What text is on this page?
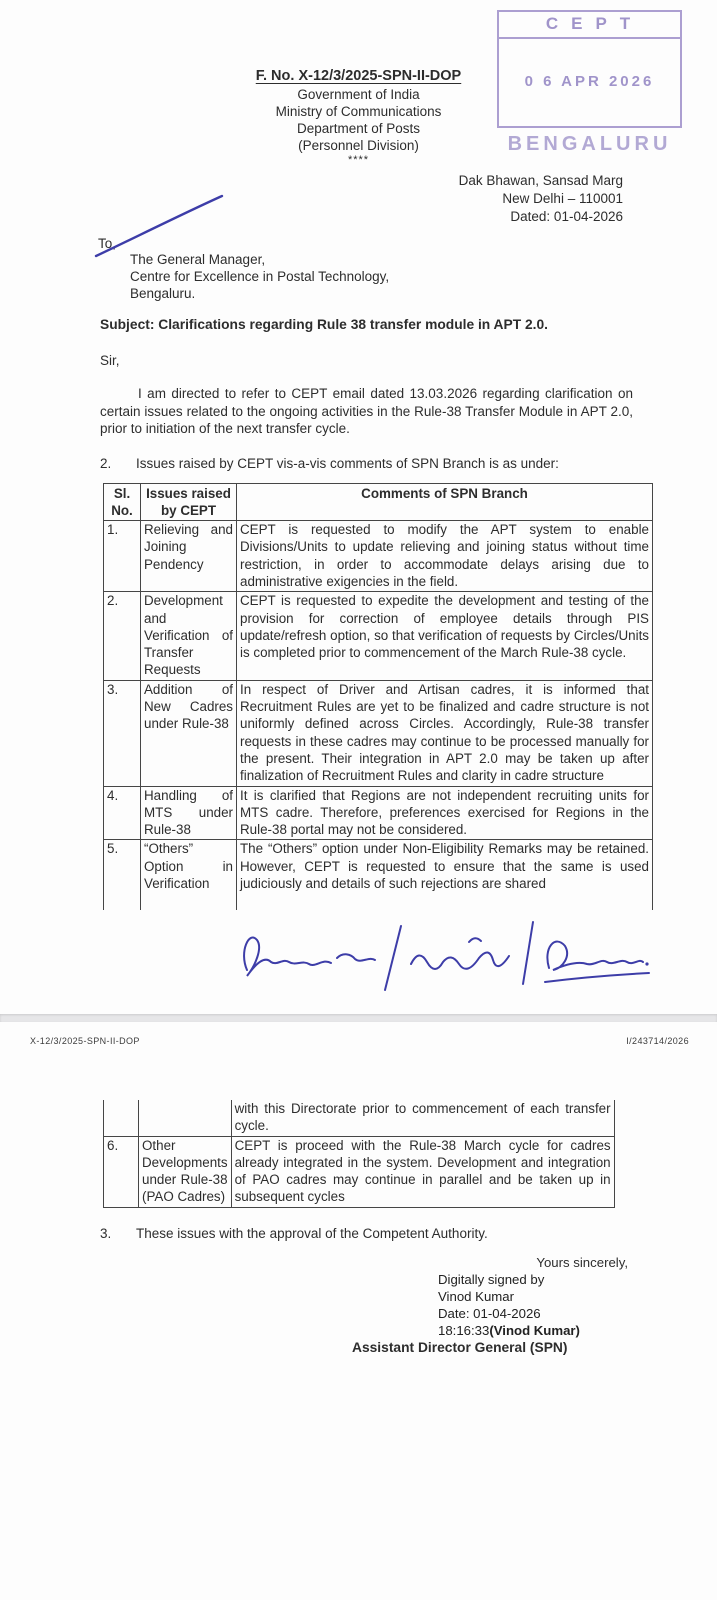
CEPT
0 6 APR 2026
BENGALURU
F. No. X-12/3/2025-SPN-II-DOP
Government of India
Ministry of Communications
Department of Posts
(Personnel Division)
****
Dak Bhawan, Sansad Marg
New Delhi – 110001
Dated: 01-04-2026
To,
The General Manager,
Centre for Excellence in Postal Technology,
Bengaluru.
Subject: Clarifications regarding Rule 38 transfer module in APT 2.0.
Sir,
I am directed to refer to CEPT email dated 13.03.2026 regarding clarification on certain issues related to the ongoing activities in the Rule-38 Transfer Module in APT 2.0, prior to initiation of the next transfer cycle.
2.	Issues raised by CEPT vis-a-vis comments of SPN Branch is as under:
Sl. No.	Issues raised by CEPT	Comments of SPN Branch
1.	Relieving and Joining Pendency	CEPT is requested to modify the APT system to enable Divisions/Units to update relieving and joining status without time restriction, in order to accommodate delays arising due to administrative exigencies in the field.
2.	Development and Verification of Transfer Requests	CEPT is requested to expedite the development and testing of the provision for correction of employee details through PIS update/refresh option, so that verification of requests by Circles/Units is completed prior to commencement of the March Rule-38 cycle.
3.	Addition of New Cadres under Rule-38	In respect of Driver and Artisan cadres, it is informed that Recruitment Rules are yet to be finalized and cadre structure is not uniformly defined across Circles. Accordingly, Rule-38 transfer requests in these cadres may continue to be processed manually for the present. Their integration in APT 2.0 may be taken up after finalization of Recruitment Rules and clarity in cadre structure
4.	Handling of MTS under Rule-38	It is clarified that Regions are not independent recruiting units for MTS cadre. Therefore, preferences exercised for Regions in the Rule-38 portal may not be considered.
5.	“Others” Option in Verification	The “Others” option under Non-Eligibility Remarks may be retained. However, CEPT is requested to ensure that the same is used judiciously and details of such rejections are shared
X-12/3/2025-SPN-II-DOP	I/243714/2026
		with this Directorate prior to commencement of each transfer cycle.
6.	Other Developments under Rule-38 (PAO Cadres)	CEPT is proceed with the Rule-38 March cycle for cadres already integrated in the system. Development and integration of PAO cadres may continue in parallel and be taken up in subsequent cycles
3.	These issues with the approval of the Competent Authority.
Yours sincerely,
Digitally signed by
Vinod Kumar
Date: 01-04-2026
18:16:33(Vinod Kumar)
Assistant Director General (SPN)
